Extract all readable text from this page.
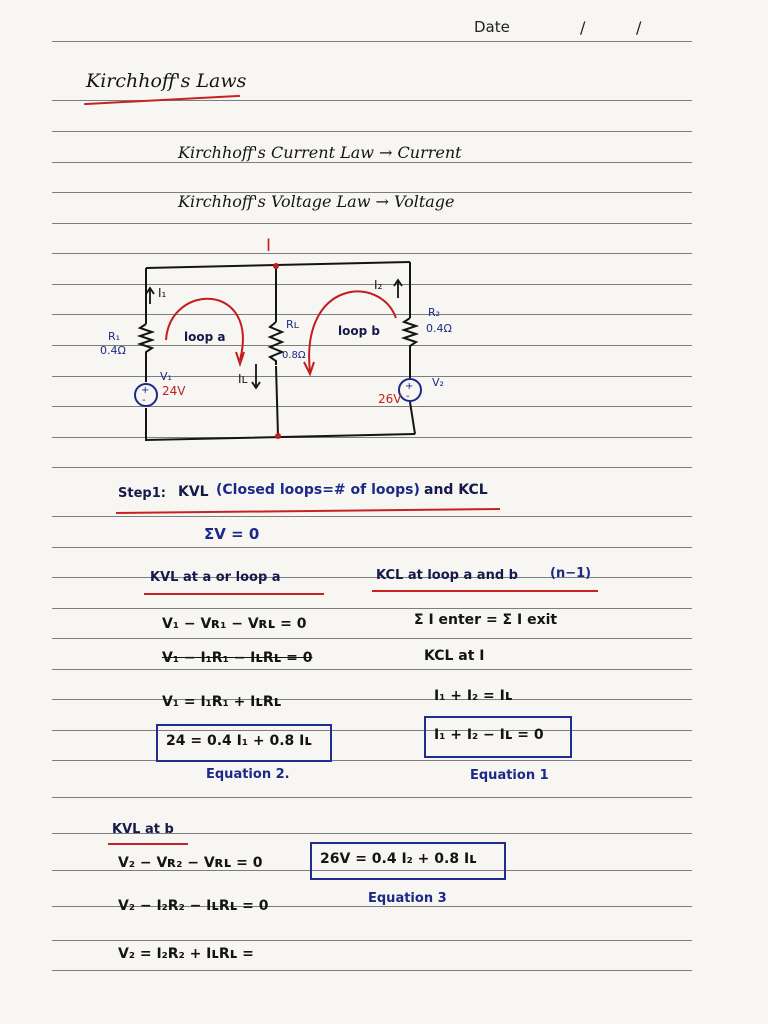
Date	/	/
Kirchhoff's Laws
Kirchhoff's Current Law → Current
Kirchhoff's Voltage Law → Voltage
+
-
+
-
I
I₁
Iʟ
I₂
R₁
0.4Ω
Rʟ
0.8Ω
R₂
0.4Ω
V₁
24V
V₂
26V
loop a	loop b
Step1: KVL (Closed loops=# of loops) and KCL
ΣV = 0
KVL at a or loop a
V₁ − Vʀ₁ − Vʀʟ = 0
V₁ − I₁R₁ − IʟRʟ = 0
V₁ = I₁R₁ + IʟRʟ
24 = 0.4 I₁ + 0.8 Iʟ
Equation 2.
KCL at loop a and b (n−1)
Σ I enter = Σ I exit
KCL at I
I₁ + I₂ = Iʟ
I₁ + I₂ − Iʟ = 0
Equation 1
KVL at b
V₂ − Vʀ₂ − Vʀʟ = 0
V₂ − I₂R₂ − IʟRʟ = 0
V₂ = I₂R₂ + IʟRʟ =
26V = 0.4 I₂ + 0.8 Iʟ
Equation 3
